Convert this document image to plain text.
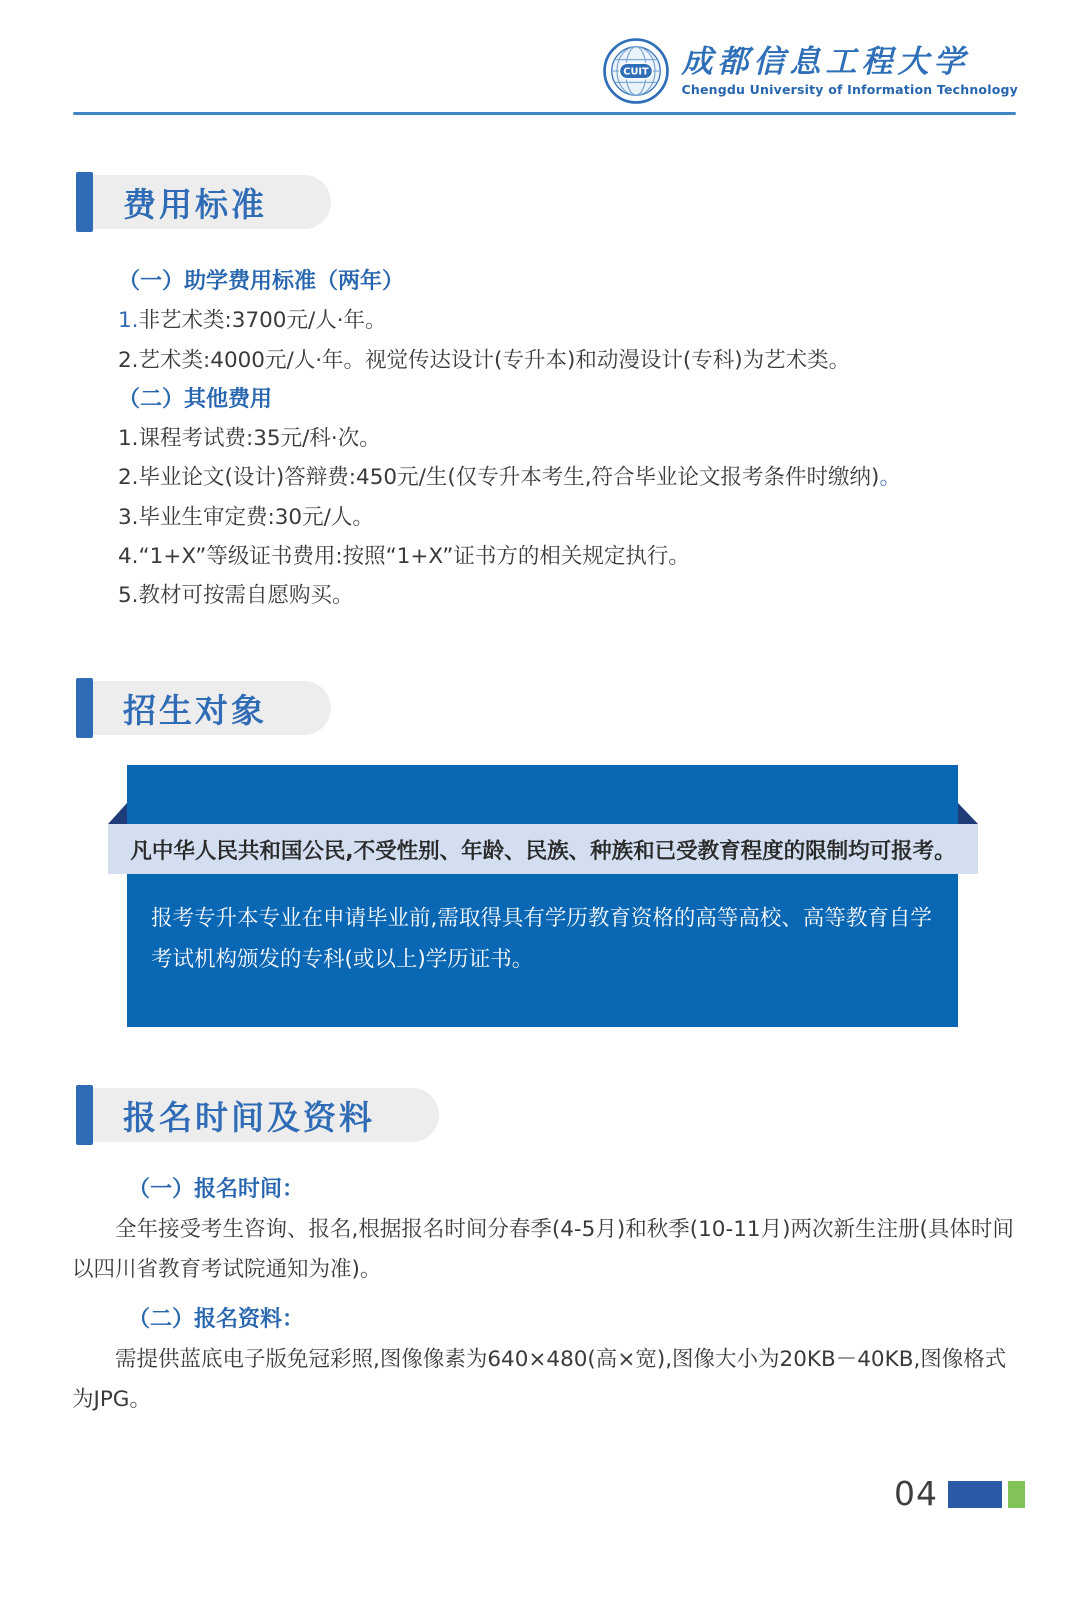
CUIT 成都信息工程大学
Chengdu University of Information Technology
费用标准
（一）助学费用标准（两年）
1.非艺术类:3700元/人·年。
2.艺术类:4000元/人·年。视觉传达设计(专升本)和动漫设计(专科)为艺术类。
（二）其他费用
1.课程考试费:35元/科·次。
2.毕业论文(设计)答辩费:450元/生(仅专升本考生,符合毕业论文报考条件时缴纳)。
3.毕业生审定费:30元/人。
4.“1+X”等级证书费用:按照“1+X”证书方的相关规定执行。
5.教材可按需自愿购买。
招生对象
凡中华人民共和国公民,不受性别、年龄、民族、种族和已受教育程度的限制均可报考。
报考专升本专业在申请毕业前,需取得具有学历教育资格的高等高校、高等教育自学考试机构颁发的专科(或以上)学历证书。
报名时间及资料
（一）报名时间：

全年接受考生咨询、报名,根据报名时间分春季(4-5月)和秋季(10-11月)两次新生注册(具体时间以四川省教育考试院通知为准)。

（二）报名资料：

需提供蓝底电子版免冠彩照,图像像素为640×480(高×宽),图像大小为20KB－40KB,图像格式为JPG。

04
